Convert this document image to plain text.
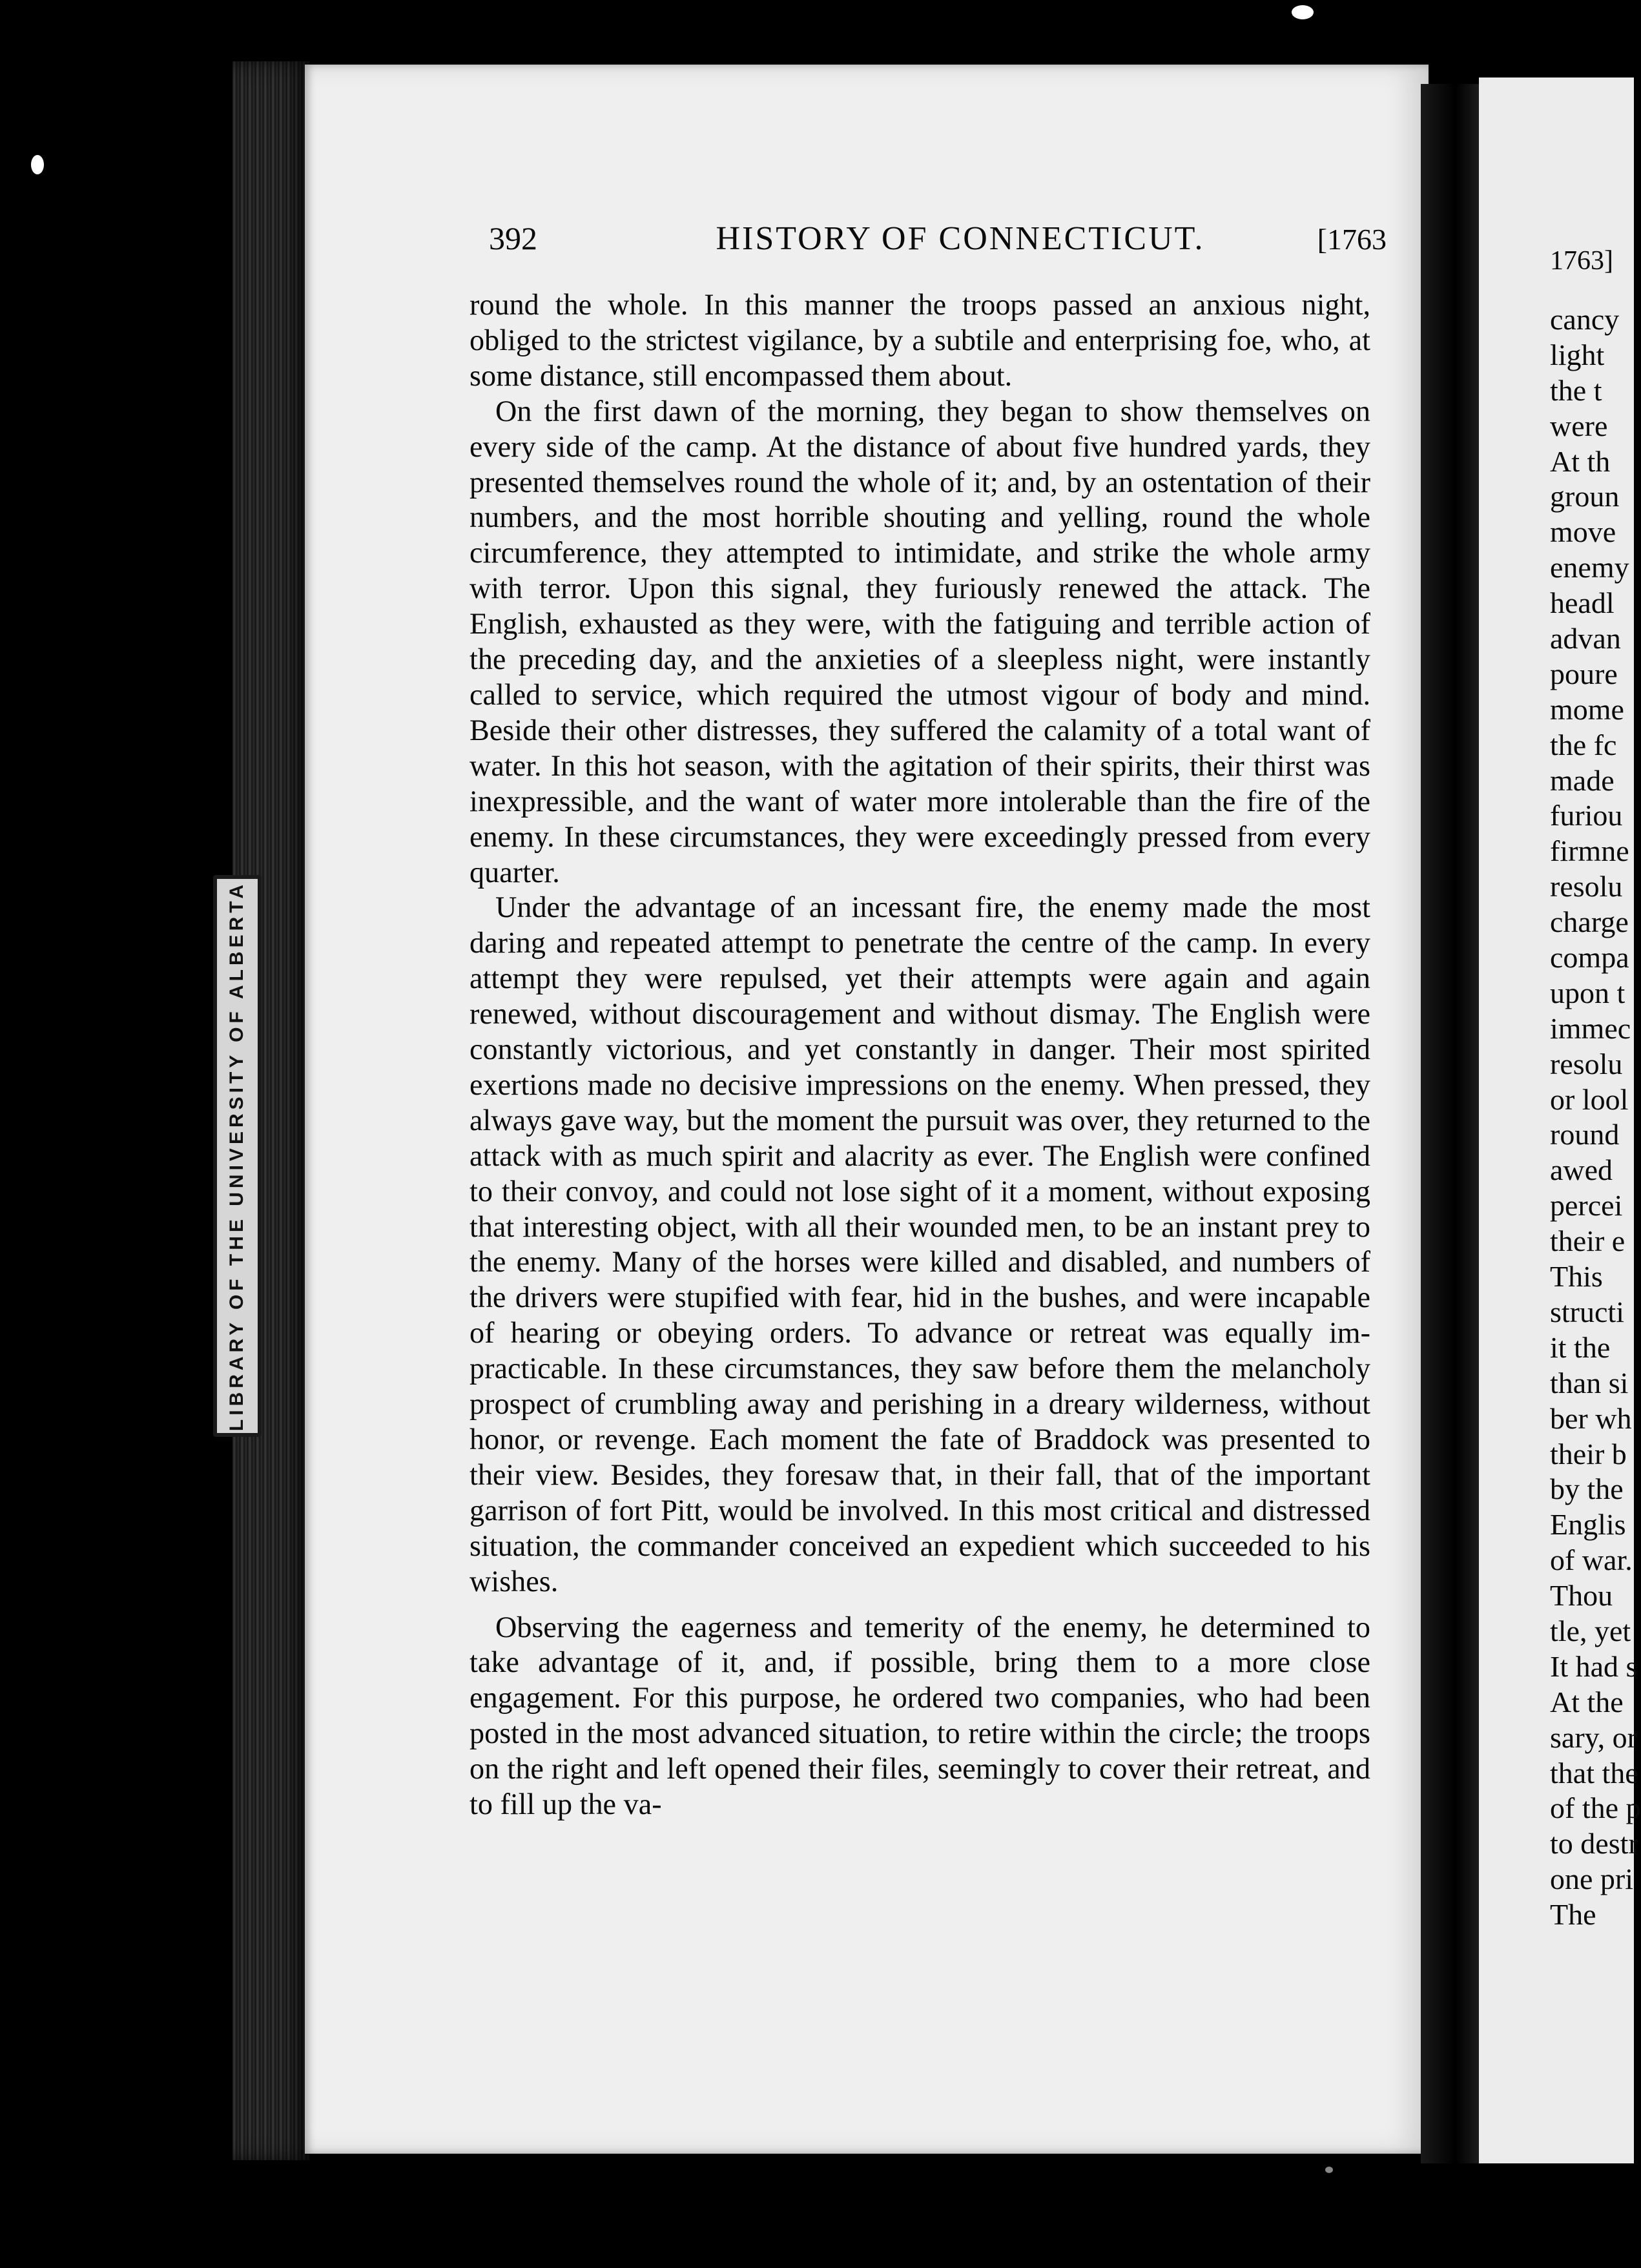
LIBRARY OF THE UNIVERSITY OF ALBERTA
392	HISTORY OF CONNECTICUT.	[1763

round the whole. In this manner the troops passed an anxious night, obliged to the strictest vigilance, by a subtile and enterprising foe, who, at some distance, still encompassed them about.

On the first dawn of the morning, they began to show themselves on every side of the camp. At the distance of about five hundred yards, they presented themselves round the whole of it; and, by an ostentation of their numbers, and the most horrible shouting and yelling, round the whole circumference, they attempted to intimidate, and strike the whole army with terror. Upon this signal, they furiously renewed the attack. The English, exhausted as they were, with the fatiguing and terrible action of the preceding day, and the anxieties of a sleepless night, were instantly called to service, which required the utmost vigour of body and mind. Beside their other distresses, they suffered the calamity of a total want of water. In this hot season, with the agitation of their spirits, their thirst was inexpressible, and the want of water more intolerable than the fire of the enemy. In these circumstances, they were exceedingly pressed from every quarter.

Under the advantage of an incessant fire, the enemy made the most daring and repeated attempt to penetrate the centre of the camp. In every attempt they were repulsed, yet their attempts were again and again renewed, without discouragement and without dismay. The English were constantly victorious, and yet constantly in danger. Their most spirited exertions made no decisive impressions on the enemy. When pressed, they always gave way, but the moment the pursuit was over, they returned to the attack with as much spirit and alacrity as ever. The English were confined to their convoy, and could not lose sight of it a moment, without exposing that interesting object, with all their wounded men, to be an instant prey to the enemy. Many of the horses were killed and disabled, and numbers of the drivers were stupified with fear, hid in the bushes, and were incapable of hearing or obeying orders. To advance or retreat was equally impracticable. In these circumstances, they saw before them the melancholy prospect of crumbling away and perishing in a dreary wilderness, without honor, or revenge. Each moment the fate of Braddock was presented to their view. Besides, they foresaw that, in their fall, that of the important garrison of fort Pitt, would be involved. In this most critical and distressed situation, the commander conceived an expedient which succeeded to his wishes.

Observing the eagerness and temerity of the enemy, he determined to take advantage of it, and, if possible, bring them to a more close engagement. For this purpose, he ordered two companies, who had been posted in the most advanced situation, to retire within the circle; the troops on the right and left opened their files, seemingly to cover their retreat, and to fill up the va-

1763]
cancy
light
the t
were
At th
groun
move
enemy
headl
advan
poure
mome
the fc
made
furiou
firmne
resolu
charge
compa
upon t
immec
resolu
or lool
round
awed
percei
their e
This
structi
it the
than si
ber wh
their b
by the
Englis
of war.
Thou
tle, yet
It had s
At the
sary, or
that the
of the p
to destr
one pri
The
